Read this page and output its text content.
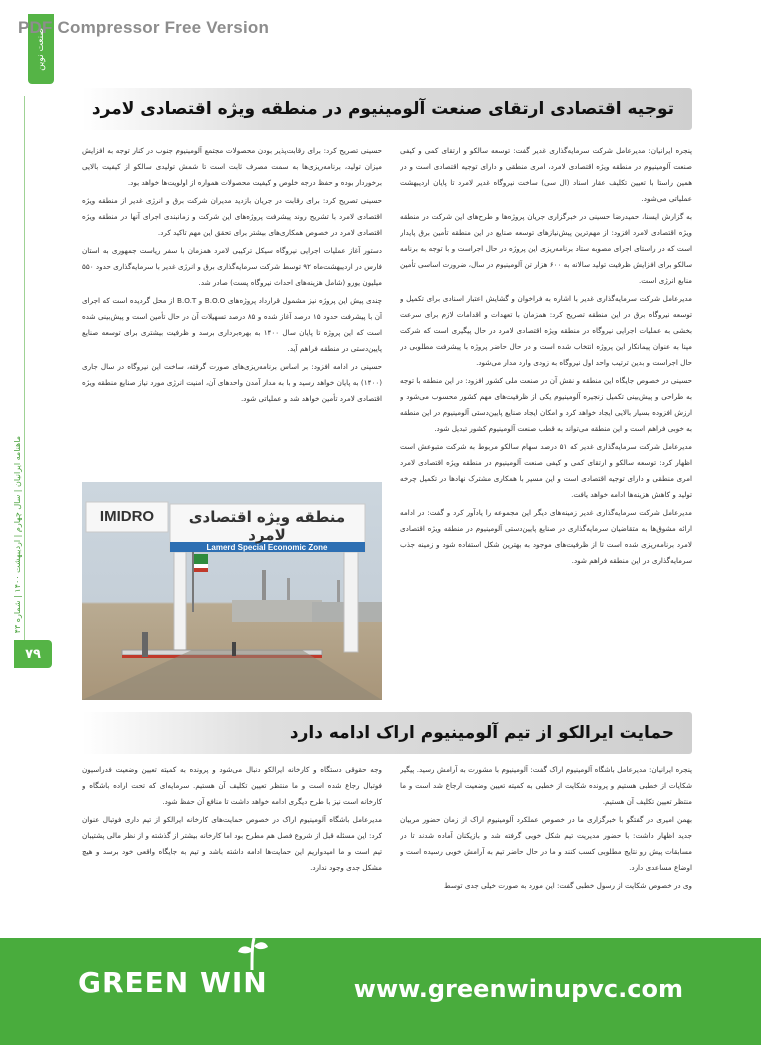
PDF Compressor Free Version
صنعت نوین
ماهنامه ایرانیان | سال چهارم | اردیبهشت ۱۴۰۰ | شماره ۴۳
۷۹
توجیه اقتصادی ارتقای صنعت آلومینیوم در منطقه ویژه اقتصادی لامرد

پنجره ایرانیان: مدیرعامل شرکت سرمایه‌گذاری غدیر گفت: توسعه سالکو و ارتقای کمی و کیفی صنعت آلومینیوم در منطقه ویژه اقتصادی لامرد، امری منطقی و دارای توجیه اقتصادی است و در همین راستا با تعیین تکلیف عقار اسناد (ال سی) ساخت نیروگاه غدیر لامرد تا پایان اردیبهشت عملیاتی می‌شود.

به گزارش ایسنا، حمیدرضا حسینی در خبرگزاری جریان پروژه‌ها و طرح‌های این شرکت در منطقه ویژه اقتصادی لامرد افزود: از مهم‌ترین پیش‌نیازهای توسعه صنایع در این منطقه تأمین برق پایدار است که در راستای اجرای مصوبه ستاد برنامه‌ریزی این پروژه در حال اجراست و با توجه به برنامه سالکو برای افزایش ظرفیت تولید سالانه به ۶۰۰ هزار تن آلومینیوم در سال، ضرورت اساسی تأمین منابع انرژی است.

مدیرعامل شرکت سرمایه‌گذاری غدیر با اشاره به فراخوان و گشایش اعتبار اسنادی برای تکمیل و توسعه نیروگاه برق در این منطقه تصریح کرد: همزمان با تعهدات و اقدامات لازم برای سرعت بخشی به عملیات اجرایی نیروگاه در منطقه ویژه اقتصادی لامرد در حال پیگیری است که شرکت مپنا به عنوان پیمانکار این پروژه انتخاب شده است و در حال حاضر پروژه با پیشرفت مطلوبی در حال اجراست و بدین ترتیب واحد اول نیروگاه به زودی وارد مدار می‌شود.

حسینی در خصوص جایگاه این منطقه و نقش آن در صنعت ملی کشور افزود: در این منطقه با توجه به طراحی و پیش‌بینی تکمیل زنجیره آلومینیوم یکی از ظرفیت‌های مهم کشور محسوب می‌شود و ارزش افزوده بسیار بالایی ایجاد خواهد کرد و امکان ایجاد صنایع پایین‌دستی آلومینیوم در این منطقه به خوبی فراهم است و این منطقه می‌تواند به قطب صنعت آلومینیوم کشور تبدیل شود.

مدیرعامل شرکت سرمایه‌گذاری غدیر که ۵۱ درصد سهام سالکو مربوط به شرکت متبوعش است اظهار کرد: توسعه سالکو و ارتقای کمی و کیفی صنعت آلومینیوم در منطقه ویژه اقتصادی لامرد امری منطقی و دارای توجیه اقتصادی است و این مسیر با همکاری مشترک نهادها در تکمیل چرخه تولید و کاهش هزینه‌ها ادامه خواهد یافت.

مدیرعامل شرکت سرمایه‌گذاری غدیر زمینه‌های دیگر این مجموعه را یادآور کرد و گفت: در ادامه ارائه مشوق‌ها به متقاضیان سرمایه‌گذاری در صنایع پایین‌دستی آلومینیوم در منطقه ویژه اقتصادی لامرد برنامه‌ریزی شده است تا از ظرفیت‌های موجود به بهترین شکل استفاده شود و زمینه جذب سرمایه‌گذاری در این منطقه فراهم شود.

حسینی تصریح کرد: برای رقابت‌پذیر بودن محصولات مجتمع آلومینیوم جنوب در کنار توجه به افزایش میزان تولید، برنامه‌ریزی‌ها به سمت مصرف ثابت است تا شمش تولیدی سالکو از کیفیت بالایی برخوردار بوده و حفظ درجه خلوص و کیفیت محصولات همواره از اولویت‌ها خواهد بود.

حسینی تصریح کرد: برای رقابت در جریان بازدید مدیران شرکت برق و انرژی غدیر از منطقه ویژه اقتصادی لامرد با تشریح روند پیشرفت پروژه‌های این شرکت و زمانبندی اجرای آنها در منطقه ویژه اقتصادی لامرد در خصوص همکاری‌های بیشتر برای تحقق این مهم تاکید کرد.

دستور آغاز عملیات اجرایی نیروگاه سیکل ترکیبی لامرد همزمان با سفر ریاست جمهوری به استان فارس در اردیبهشت‌ماه ۹۲ توسط شرکت سرمایه‌گذاری برق و انرژی غدیر با سرمایه‌گذاری حدود ۵۵۰ میلیون یورو (شامل هزینه‌های احداث نیروگاه پست) صادر شد.

چندی پیش این پروژه نیز مشمول قرارداد پروژه‌های B.O.O و B.O.T از محل گردیده است که اجرای آن با پیشرفت حدود ۱۵ درصد آغاز شده و ۸۵ درصد تسهیلات آن در حال تأمین است و پیش‌بینی شده است که این پروژه تا پایان سال ۱۴۰۰ به بهره‌برداری برسد و ظرفیت بیشتری برای توسعه صنایع پایین‌دستی در منطقه فراهم آید.

حسینی در ادامه افزود: بر اساس برنامه‌ریزی‌های صورت گرفته، ساخت این نیروگاه در سال جاری (۱۴۰۰) به پایان خواهد رسید و با به مدار آمدن واحدهای آن، امنیت انرژی مورد نیاز صنایع منطقه ویژه اقتصادی لامرد تأمین خواهد شد و عملیاتی شود.

IMIDRO	منطقه ویژه اقتصادی لامرد
Lamerd Special Economic Zone
حمایت ایرالکو از تیم آلومینیوم اراک ادامه دارد

پنجره ایرانیان: مدیرعامل باشگاه آلومینیوم اراک گفت: آلومینیوم با مشورت به آرامش رسید. پیگیر شکایات از خطبی هستیم و پرونده شکایت از خطبی به کمیته تعیین وضعیت ارجاع شد است و ما منتظر تعیین تکلیف آن هستیم.

بهمن امیری در گفتگو با خبرگزاری ما در خصوص عملکرد آلومینیوم اراک از زمان حضور مربیان جدید اظهار داشت: با حضور مدیریت تیم شکل خوبی گرفته شد و بازیکنان آماده شدند تا در مسابقات پیش رو نتایج مطلوبی کسب کنند و ما در حال حاضر تیم به آرامش خوبی رسیده است و اوضاع مساعدی دارد.

وی در خصوص شکایت از رسول خطبی گفت: این مورد به صورت خیلی جدی توسط

وجه حقوقی دستگاه و کارخانه ایرالکو دنبال می‌شود و پرونده به کمیته تعیین وضعیت فدراسیون فوتبال رجاع شده است و ما منتظر تعیین تکلیف آن هستیم. سرمایه‌ای که تحت اراده باشگاه و کارخانه است نیز با طرح دیگری ادامه خواهد داشت تا منافع آن حفظ شود.

مدیرعامل باشگاه آلومینیوم اراک در خصوص حمایت‌های کارخانه ایرالکو از تیم داری فوتبال عنوان کرد: این مسئله قبل از شروع فصل هم مطرح بود اما کارخانه بیشتر از گذشته و از نظر مالی پشتیبان تیم است و ما امیدواریم این حمایت‌ها ادامه داشته باشد و تیم به جایگاه واقعی خود برسد و هیچ مشکل جدی وجود ندارد.

GREEN WIN	www.greenwinupvc.com
